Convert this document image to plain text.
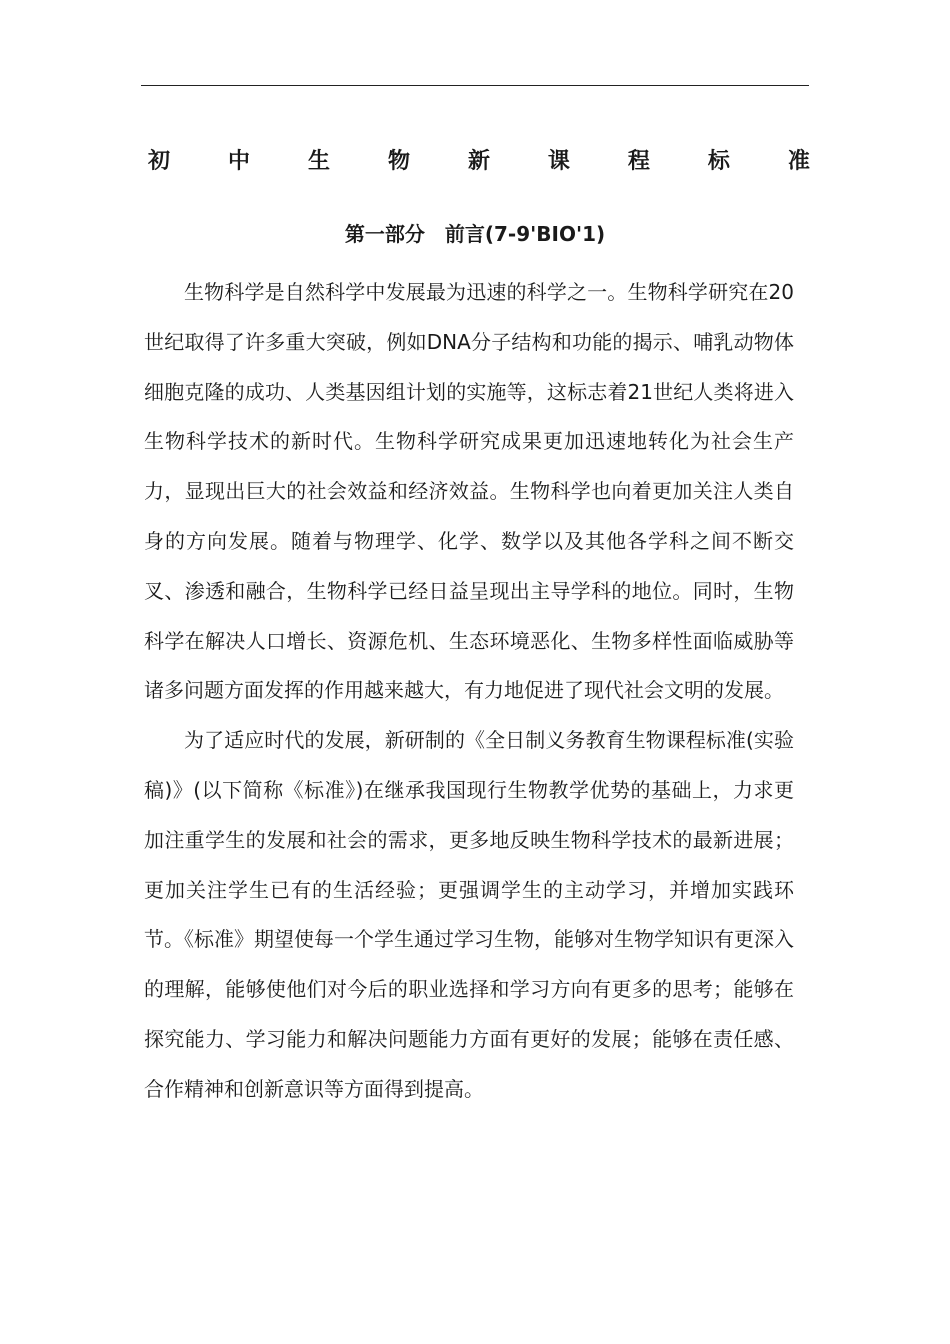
初	中	生	物	新	课	程	标	准
第一部分　前言(7-9'BIO'1)

生物科学是自然科学中发展最为迅速的科学之一。生物科学研究在20世纪取得了许多重大突破，例如DNA分子结构和功能的揭示、哺乳动物体细胞克隆的成功、人类基因组计划的实施等，这标志着21世纪人类将进入生物科学技术的新时代。生物科学研究成果更加迅速地转化为社会生产力，显现出巨大的社会效益和经济效益。生物科学也向着更加关注人类自身的方向发展。随着与物理学、化学、数学以及其他各学科之间不断交叉、渗透和融合，生物科学已经日益呈现出主导学科的地位。同时，生物科学在解决人口增长、资源危机、生态环境恶化、生物多样性面临威胁等诸多问题方面发挥的作用越来越大，有力地促进了现代社会文明的发展。

为了适应时代的发展，新研制的《全日制义务教育生物课程标准(实验稿)》(以下简称《标准》)在继承我国现行生物教学优势的基础上，力求更加注重学生的发展和社会的需求，更多地反映生物科学技术的最新进展；更加关注学生已有的生活经验；更强调学生的主动学习，并增加实践环节。《标准》期望使每一个学生通过学习生物，能够对生物学知识有更深入的理解，能够使他们对今后的职业选择和学习方向有更多的思考；能够在探究能力、学习能力和解决问题能力方面有更好的发展；能够在责任感、合作精神和创新意识等方面得到提高。
